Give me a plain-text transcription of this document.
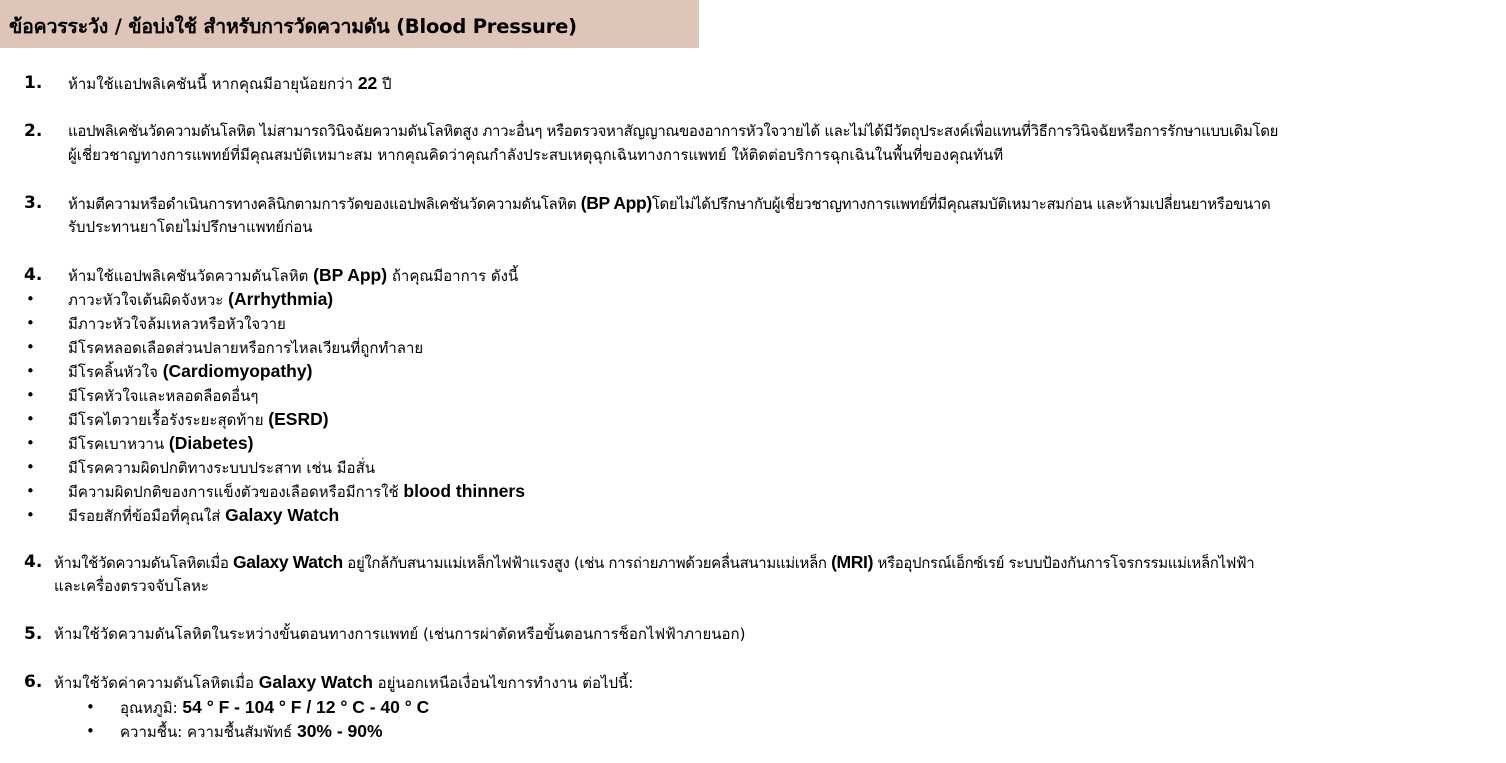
ข้อควรระวัง / ข้อบ่งใช้ สำหรับการวัดความดัน (Blood Pressure)
1. ห้ามใช้แอปพลิเคชันนี้ หากคุณมีอายุน้อยกว่า 22 ปี
2. แอปพลิเคชันวัดความดันโลหิต ไม่สามารถวินิจฉัยความดันโลหิตสูง ภาวะอื่นๆ หรือตรวจหาสัญญาณของอาการหัวใจวายได้ และไม่ได้มีวัตถุประสงค์เพื่อแทนที่วิธีการวินิจฉัยหรือการรักษาแบบเดิมโดย
ผู้เชี่ยวชาญทางการแพทย์ที่มีคุณสมบัติเหมาะสม หากคุณคิดว่าคุณกำลังประสบเหตุฉุกเฉินทางการแพทย์ ให้ติดต่อบริการฉุกเฉินในพื้นที่ของคุณทันที
3. ห้ามตีความหรือดำเนินการทางคลินิกตามการวัดของแอปพลิเคชันวัดความดันโลหิต (BP App)โดยไม่ได้ปรึกษากับผู้เชี่ยวชาญทางการแพทย์ที่มีคุณสมบัติเหมาะสมก่อน และห้ามเปลี่ยนยาหรือขนาด
รับประทานยาโดยไม่ปรึกษาแพทย์ก่อน
4. ห้ามใช้แอปพลิเคชันวัดความดันโลหิต (BP App) ถ้าคุณมีอาการ ดังนี้
• ภาวะหัวใจเต้นผิดจังหวะ (Arrhythmia)
• มีภาวะหัวใจล้มเหลวหรือหัวใจวาย
• มีโรคหลอดเลือดส่วนปลายหรือการไหลเวียนที่ถูกทำลาย
• มีโรคลิ้นหัวใจ (Cardiomyopathy)
• มีโรคหัวใจและหลอดลือดอื่นๆ
• มีโรคไตวายเรื้อรังระยะสุดท้าย (ESRD)
• มีโรคเบาหวาน (Diabetes)
• มีโรคความผิดปกติทางระบบประสาท เช่น มือสั่น
• มีความผิดปกติของการแข็งตัวของเลือดหรือมีการใช้ blood thinners
• มีรอยสักที่ข้อมือที่คุณใส่ Galaxy Watch
4. ห้ามใช้วัดความดันโลหิตเมื่อ Galaxy Watch อยู่ใกล้กับสนามแม่เหล็กไฟฟ้าแรงสูง (เช่น การถ่ายภาพด้วยคลื่นสนามแม่เหล็ก (MRI) หรืออุปกรณ์เอ็กซ์เรย์ ระบบป้องกันการโจรกรรมแม่เหล็กไฟฟ้า
และเครื่องตรวจจับโลหะ
5. ห้ามใช้วัดความดันโลหิตในระหว่างขั้นตอนทางการแพทย์ (เช่นการผ่าตัดหรือขั้นตอนการช็อกไฟฟ้าภายนอก)
6. ห้ามใช้วัดค่าความดันโลหิตเมื่อ Galaxy Watch อยู่นอกเหนือเงื่อนไขการทำงาน ต่อไปนี้:
• อุณหภูมิ: 54 ° F - 104 ° F / 12 ° C - 40 ° C
• ความชื้น: ความชื้นสัมพัทธ์ 30% - 90%
